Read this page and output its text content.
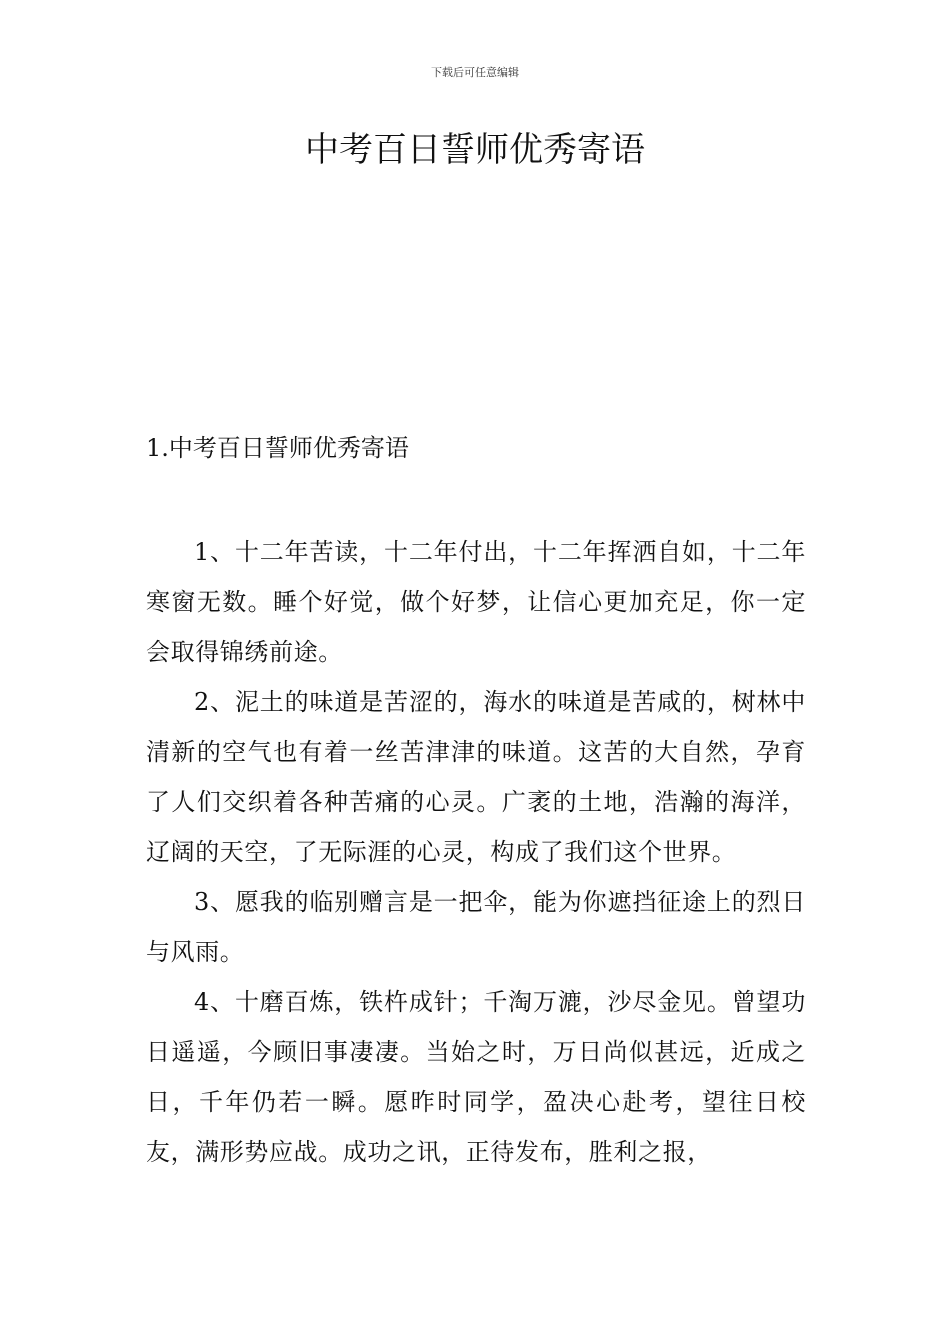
下载后可任意编辑
中考百日誓师优秀寄语
1.中考百日誓师优秀寄语

1、十二年苦读，十二年付出，十二年挥洒自如，十二年寒窗无数。睡个好觉，做个好梦，让信心更加充足，你一定会取得锦绣前途。

2、泥土的味道是苦涩的，海水的味道是苦咸的，树林中清新的空气也有着一丝苦津津的味道。这苦的大自然，孕育了人们交织着各种苦痛的心灵。广袤的土地，浩瀚的海洋，辽阔的天空，了无际涯的心灵，构成了我们这个世界。

3、愿我的临别赠言是一把伞，能为你遮挡征途上的烈日与风雨。

4、十磨百炼，铁杵成针；千淘万漉，沙尽金见。曾望功日遥遥，今顾旧事凄凄。当始之时，万日尚似甚远，近成之日，千年仍若一瞬。愿昨时同学，盈决心赴考，望往日校友，满形势应战。成功之讯，正待发布，胜利之报，
